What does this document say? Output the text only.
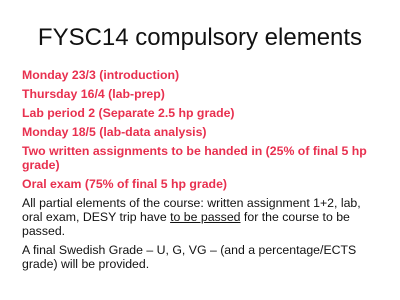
FYSC14 compulsory elements
Monday 23/3 (introduction)
Thursday 16/4 (lab-prep)
Lab period 2 (Separate 2.5 hp grade)
Monday 18/5 (lab-data analysis)
Two written assignments to be handed in (25% of final 5 hp grade)
Oral exam (75% of final 5 hp grade)
All partial elements of the course: written assignment 1+2, lab, oral exam, DESY trip have to be passed for the course to be passed.
A final Swedish Grade – U, G, VG – (and a percentage/ECTS grade) will be provided.
